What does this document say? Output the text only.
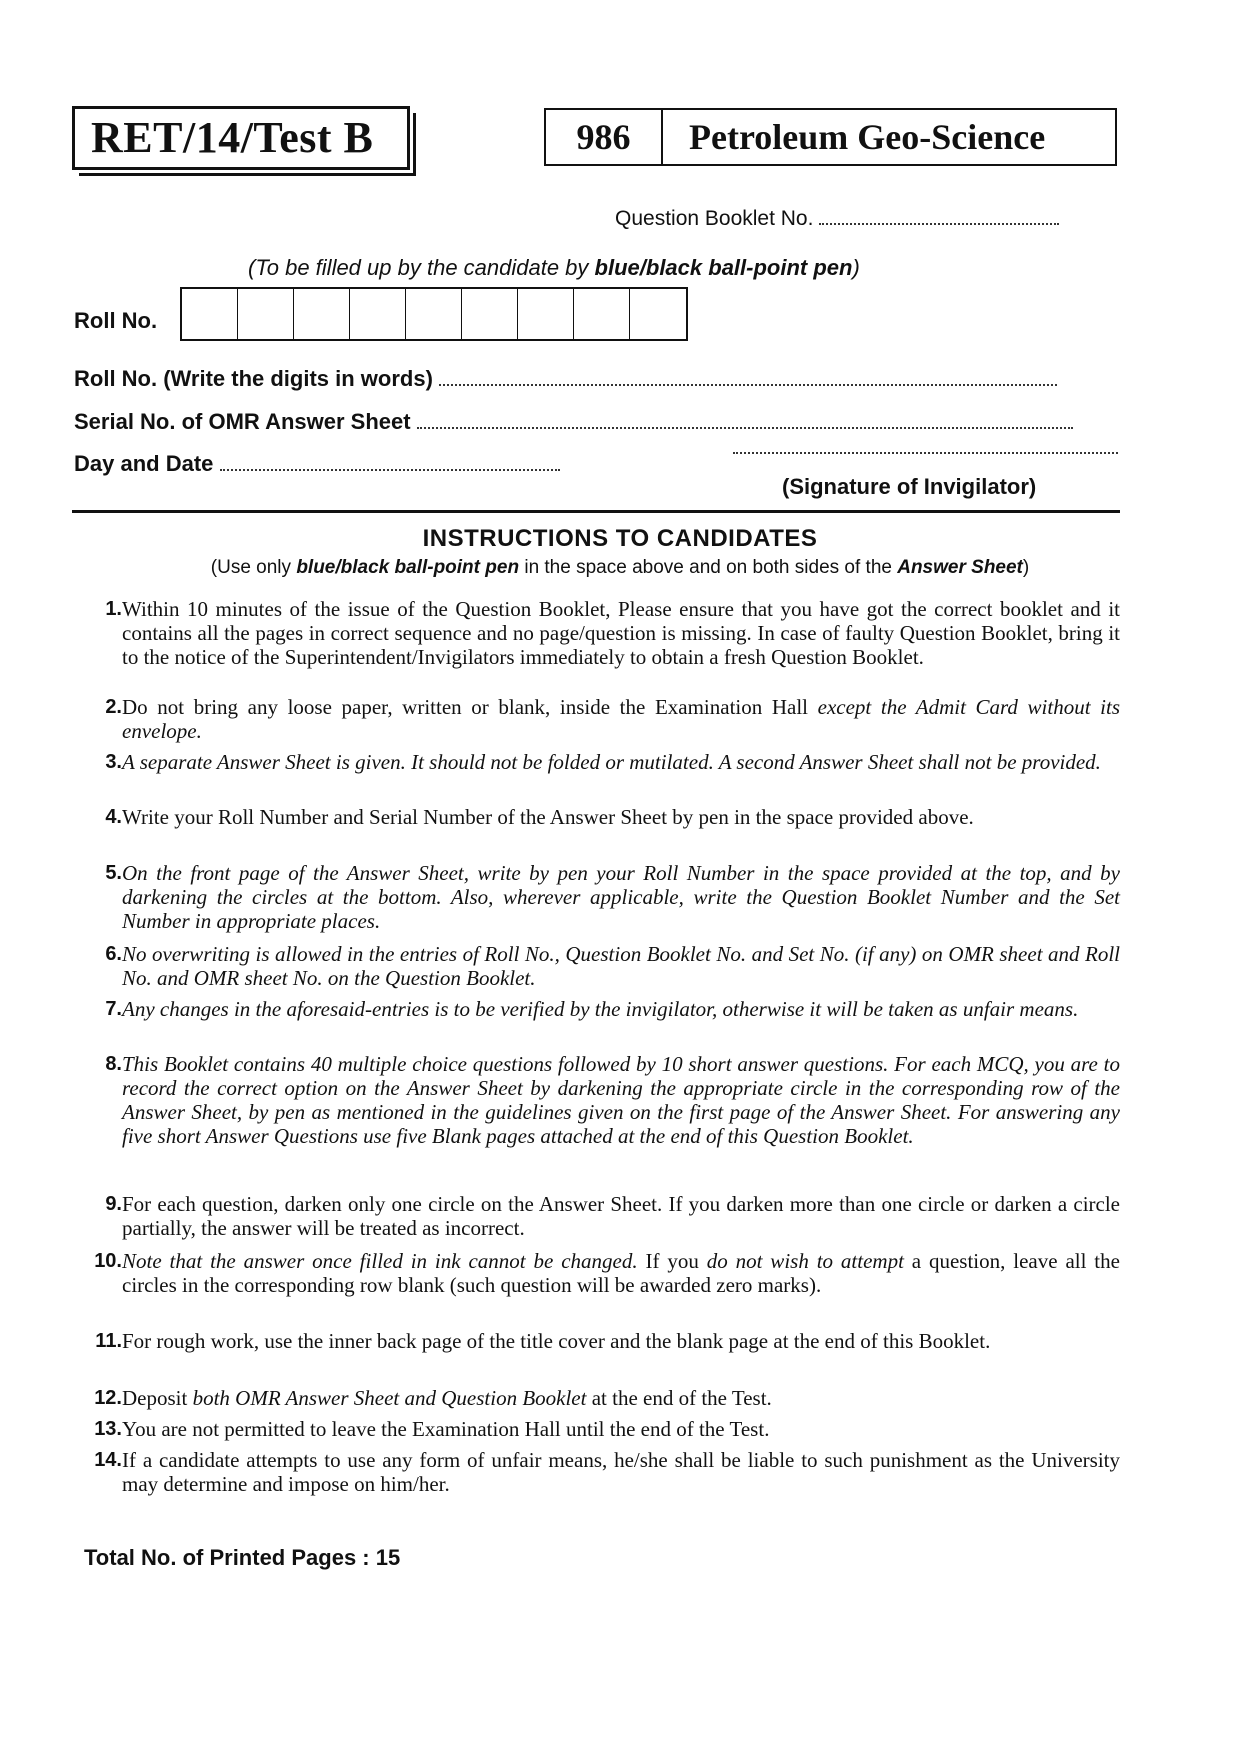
RET/14/Test B	986	Petroleum Geo-Science
Question Booklet No.
(To be filled up by the candidate by blue/black ball-point pen)
Roll No.
Roll No. (Write the digits in words)
Serial No. of OMR Answer Sheet
Day and Date
(Signature of Invigilator)
INSTRUCTIONS TO CANDIDATES
(Use only blue/black ball-point pen in the space above and on both sides of the Answer Sheet)
1. Within 10 minutes of the issue of the Question Booklet, Please ensure that you have got the correct booklet and it contains all the pages in correct sequence and no page/question is missing. In case of faulty Question Booklet, bring it to the notice of the Superintendent/Invigilators immediately to obtain a fresh Question Booklet.
2. Do not bring any loose paper, written or blank, inside the Examination Hall except the Admit Card without its envelope.
3. A separate Answer Sheet is given. It should not be folded or mutilated. A second Answer Sheet shall not be provided.
4. Write your Roll Number and Serial Number of the Answer Sheet by pen in the space provided above.
5. On the front page of the Answer Sheet, write by pen your Roll Number in the space provided at the top, and by darkening the circles at the bottom. Also, wherever applicable, write the Question Booklet Number and the Set Number in appropriate places.
6. No overwriting is allowed in the entries of Roll No., Question Booklet No. and Set No. (if any) on OMR sheet and Roll No. and OMR sheet No. on the Question Booklet.
7. Any changes in the aforesaid-entries is to be verified by the invigilator, otherwise it will be taken as unfair means.
8. This Booklet contains 40 multiple choice questions followed by 10 short answer questions. For each MCQ, you are to record the correct option on the Answer Sheet by darkening the appropriate circle in the corresponding row of the Answer Sheet, by pen as mentioned in the guidelines given on the first page of the Answer Sheet. For answering any five short Answer Questions use five Blank pages attached at the end of this Question Booklet.
9. For each question, darken only one circle on the Answer Sheet. If you darken more than one circle or darken a circle partially, the answer will be treated as incorrect.
10. Note that the answer once filled in ink cannot be changed. If you do not wish to attempt a question, leave all the circles in the corresponding row blank (such question will be awarded zero marks).
11. For rough work, use the inner back page of the title cover and the blank page at the end of this Booklet.
12. Deposit both OMR Answer Sheet and Question Booklet at the end of the Test.
13. You are not permitted to leave the Examination Hall until the end of the Test.
14. If a candidate attempts to use any form of unfair means, he/she shall be liable to such punishment as the University may determine and impose on him/her.
Total No. of Printed Pages : 15
